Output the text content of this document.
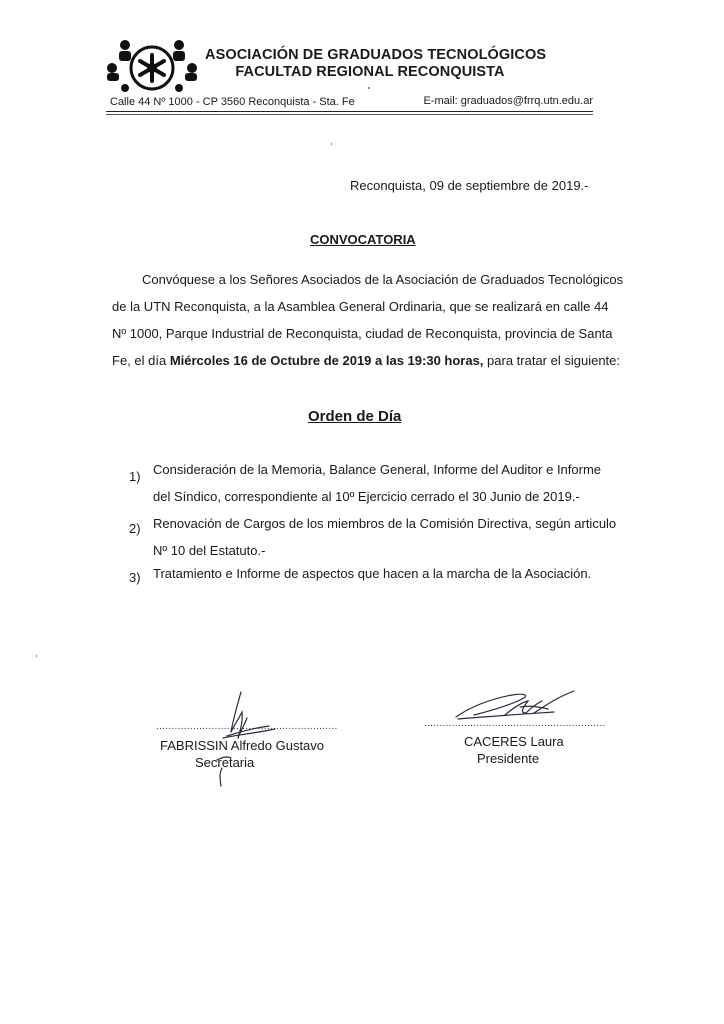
ASOCIACIÓN DE GRADUADOS TECNOLÓGICOS
FACULTAD REGIONAL RECONQUISTA
Calle 44 Nº 1000 - CP 3560 Reconquista - Sta. Fe	E-mail: graduados@frrq.utn.edu.ar
Reconquista, 09 de septiembre de 2019.-
CONVOCATORIA
Convóquese a los Señores Asociados de la Asociación de Graduados Tecnológicos
de la UTN Reconquista, a la Asamblea General Ordinaria, que se realizará en calle 44
Nº 1000, Parque Industrial de Reconquista, ciudad de Reconquista, provincia de Santa
Fe, el día Miércoles 16 de Octubre de 2019 a las 19:30 horas, para tratar el siguiente:
Orden de Día
1) Consideración de la Memoria, Balance General, Informe del Auditor e Informe
del Síndico, correspondiente al 10º Ejercicio cerrado el 30 Junio de 2019.-
2) Renovación de Cargos de los miembros de la Comisión Directiva, según articulo
Nº 10 del Estatuto.-
3) Tratamiento e Informe de aspectos que hacen a la marcha de la Asociación.
...........................................................
FABRISSIN Alfredo Gustavo
Secretaria
...........................................................
CACERES Laura
Presidente
